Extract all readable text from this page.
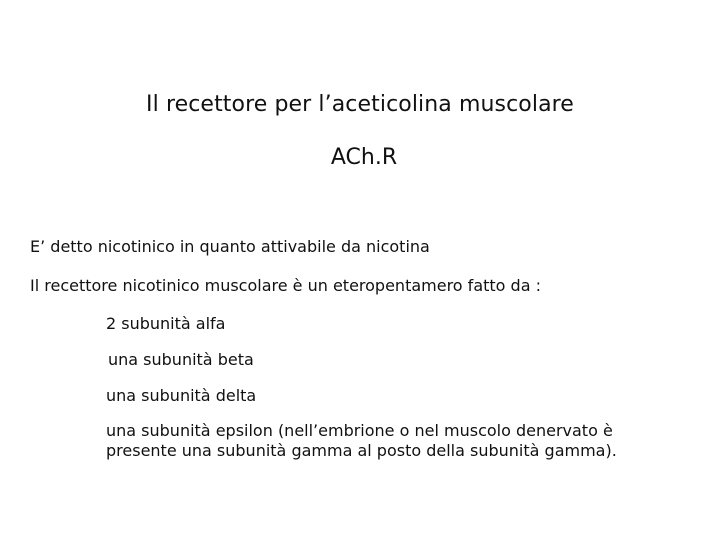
Il recettore per l’aceticolina muscolare
ACh.R
E’ detto nicotinico in quanto attivabile da nicotina
Il recettore nicotinico muscolare è un eteropentamero fatto da :
2 subunità alfa
una subunità beta
una subunità delta
una subunità epsilon (nell’embrione o nel muscolo denervato è
presente una subunità gamma al posto della subunità gamma).
